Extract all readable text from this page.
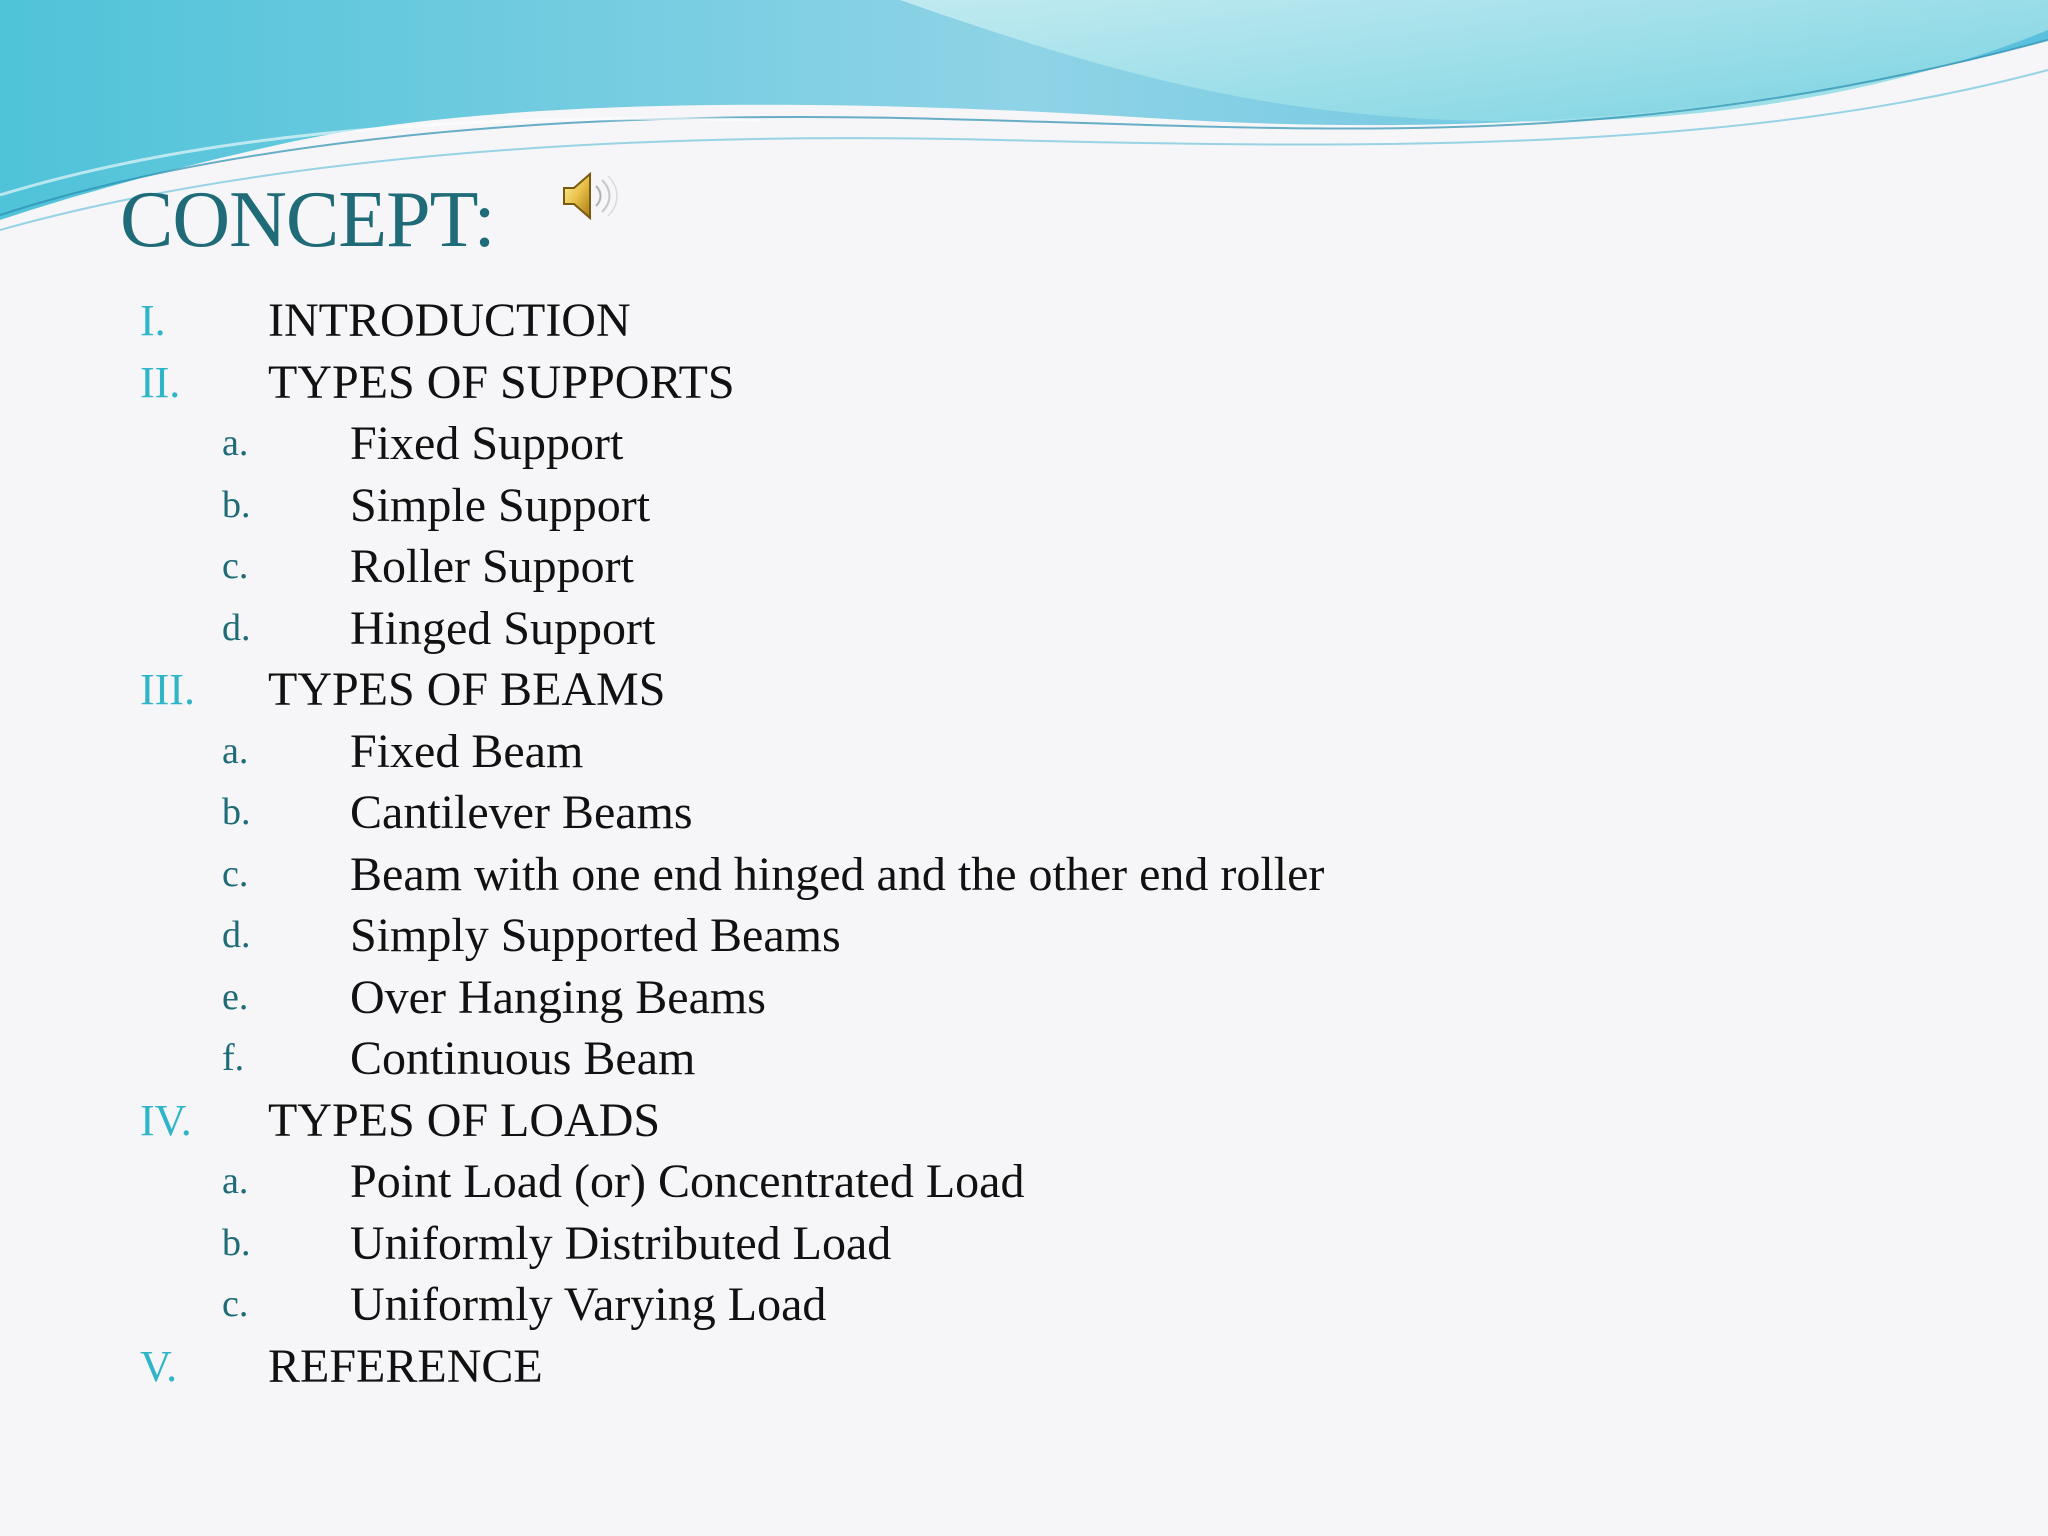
CONCEPT:
I. INTRODUCTION
II. TYPES OF SUPPORTS
a. Fixed Support
b. Simple Support
c. Roller Support
d. Hinged Support
III. TYPES OF BEAMS
a. Fixed Beam
b. Cantilever Beams
c. Beam with one end hinged and the other end roller
d. Simply Supported Beams
e. Over Hanging Beams
f. Continuous Beam
IV. TYPES OF LOADS
a. Point Load (or) Concentrated Load
b. Uniformly Distributed Load
c. Uniformly Varying Load
V. REFERENCE
